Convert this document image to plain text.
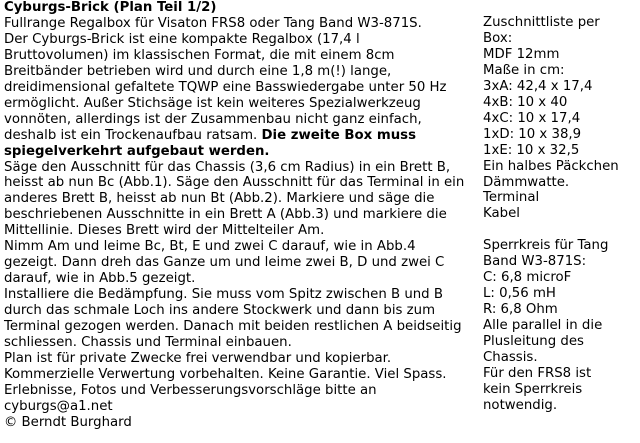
Cyburgs-Brick (Plan Teil 1/2)
Fullrange Regalbox für Visaton FRS8 oder Tang Band W3-871S.
Der Cyburgs-Brick ist eine kompakte Regalbox (17,4 l
Bruttovolumen) im klassischen Format, die mit einem 8cm
Breitbänder betrieben wird und durch eine 1,8 m(!) lange,
dreidimensional gefaltete TQWP eine Basswiedergabe unter 50 Hz
ermöglicht. Außer Stichsäge ist kein weiteres Spezialwerkzeug
vonnöten, allerdings ist der Zusammenbau nicht ganz einfach,
deshalb ist ein Trockenaufbau ratsam. Die zweite Box muss
spiegelverkehrt aufgebaut werden.
Säge den Ausschnitt für das Chassis (3,6 cm Radius) in ein Brett B,
heisst ab nun Bc (Abb.1). Säge den Ausschnitt für das Terminal in ein
anderes Brett B, heisst ab nun Bt (Abb.2). Markiere und säge die
beschriebenen Ausschnitte in ein Brett A (Abb.3) und markiere die
Mittellinie. Dieses Brett wird der Mittelteiler Am.
Nimm Am und leime Bc, Bt, E und zwei C darauf, wie in Abb.4
gezeigt. Dann dreh das Ganze um und leime zwei B, D und zwei C
darauf, wie in Abb.5 gezeigt.
Installiere die Bedämpfung. Sie muss vom Spitz zwischen B und B
durch das schmale Loch ins andere Stockwerk und dann bis zum
Terminal gezogen werden. Danach mit beiden restlichen A beidseitig
schliessen. Chassis und Terminal einbauen.
Plan ist für private Zwecke frei verwendbar und kopierbar.
Kommerzielle Verwertung vorbehalten. Keine Garantie. Viel Spass.
Erlebnisse, Fotos und Verbesserungsvorschläge bitte an
cyburgs@a1.net
© Berndt Burghard
Zuschnittliste per
Box:
MDF 12mm
Maße in cm:
3xA: 42,4 x 17,4
4xB: 10 x 40
4xC: 10 x 17,4
1xD: 10 x 38,9
1xE: 10 x 32,5
Ein halbes Päckchen
Dämmwatte.
Terminal
Kabel
Sperrkreis für Tang
Band W3-871S:
C: 6,8 microF
L: 0,56 mH
R: 6,8 Ohm
Alle parallel in die
Plusleitung des
Chassis.
Für den FRS8 ist
kein Sperrkreis
notwendig.
